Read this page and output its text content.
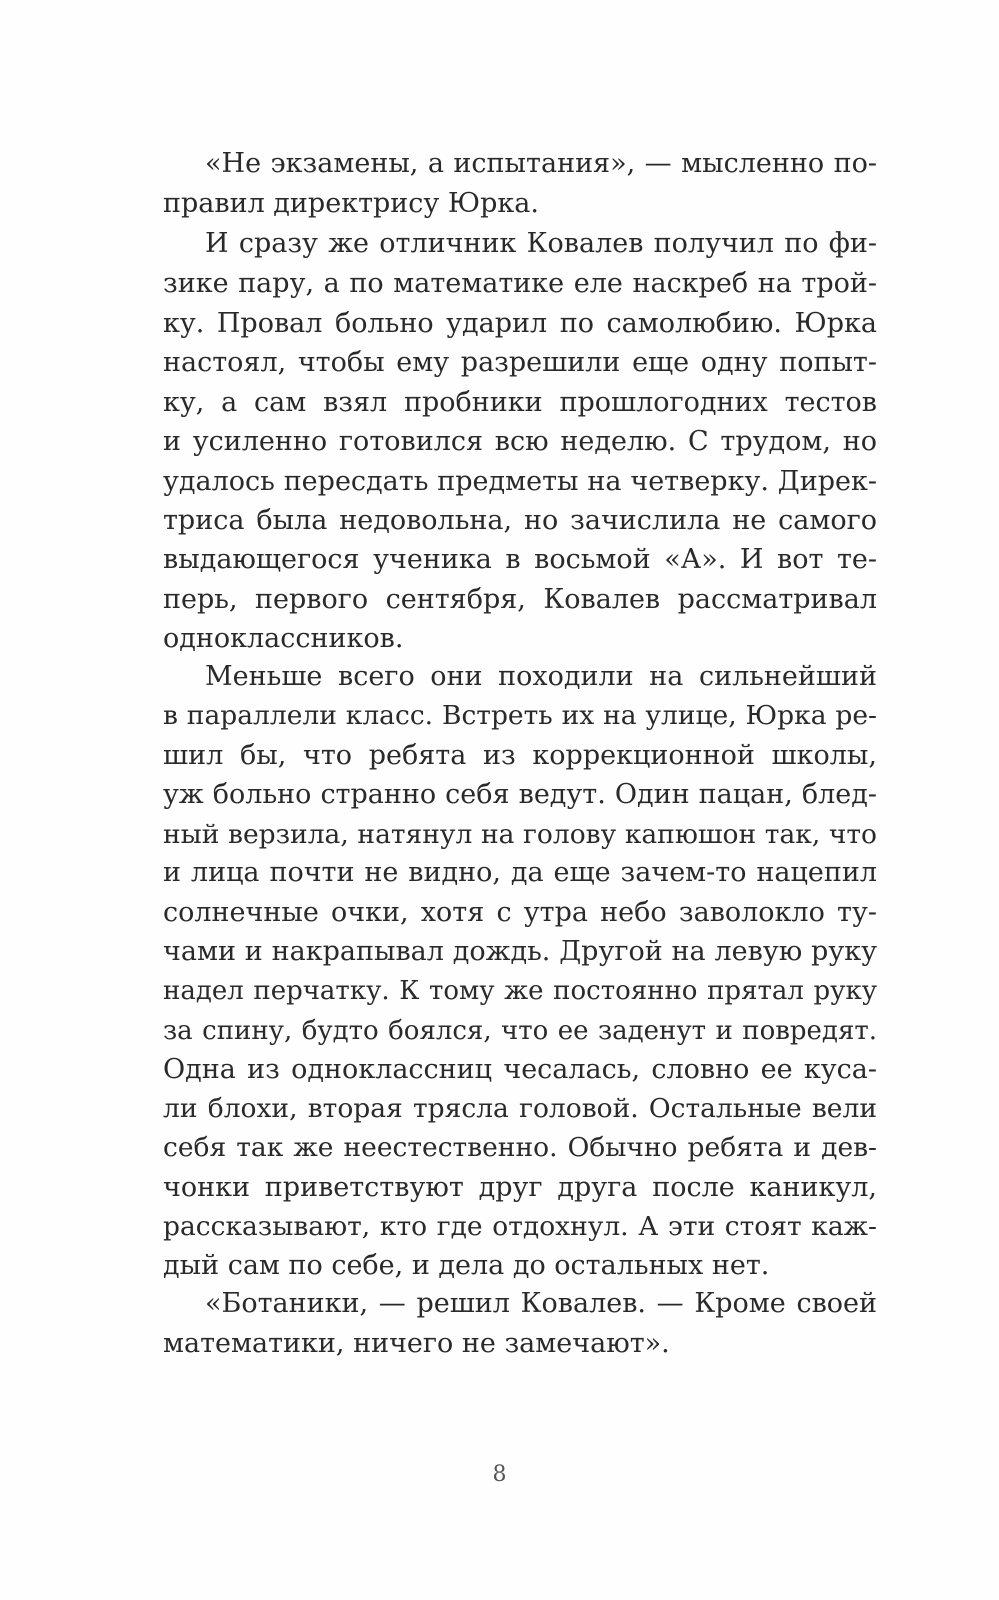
«Не экзамены, а испытания», — мысленно по-
правил директрису Юрка.
И сразу же отличник Ковалев получил по фи-
зике пару, а по математике еле наскреб на трой-
ку. Провал больно ударил по самолюбию. Юрка
настоял, чтобы ему разрешили еще одну попыт-
ку, а сам взял пробники прошлогодних тестов
и усиленно готовился всю неделю. С трудом, но
удалось пересдать предметы на четверку. Дирек-
триса была недовольна, но зачислила не самого
выдающегося ученика в восьмой «А». И вот те-
перь, первого сентября, Ковалев рассматривал
одноклассников.
Меньше всего они походили на сильнейший
в параллели класс. Встреть их на улице, Юрка ре-
шил бы, что ребята из коррекционной школы,
уж больно странно себя ведут. Один пацан, блед-
ный верзила, натянул на голову капюшон так, что
и лица почти не видно, да еще зачем-то нацепил
солнечные очки, хотя с утра небо заволокло ту-
чами и накрапывал дождь. Другой на левую руку
надел перчатку. К тому же постоянно прятал руку
за спину, будто боялся, что ее заденут и повредят.
Одна из одноклассниц чесалась, словно ее куса-
ли блохи, вторая трясла головой. Остальные вели
себя так же неестественно. Обычно ребята и дев-
чонки приветствуют друг друга после каникул,
рассказывают, кто где отдохнул. А эти стоят каж-
дый сам по себе, и дела до остальных нет.
«Ботаники, — решил Ковалев. — Кроме своей
математики, ничего не замечают».
8
